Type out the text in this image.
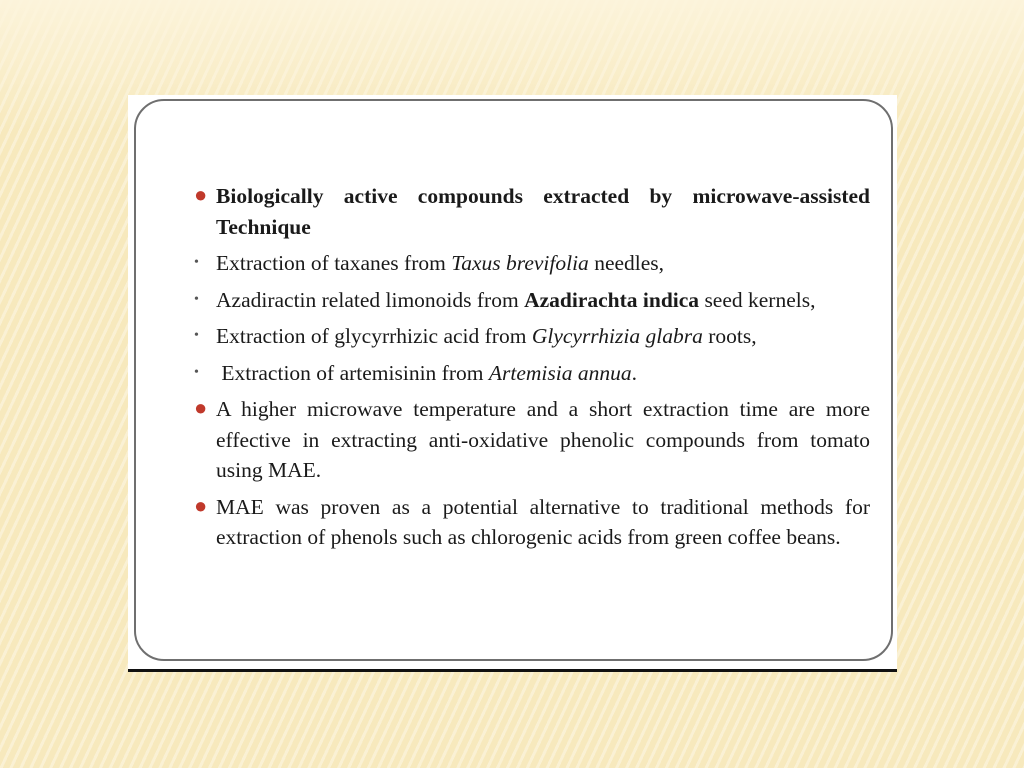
● Biologically active compounds extracted by microwave-assisted Technique
• Extraction of taxanes from Taxus brevifolia needles,
• Azadiractin related limonoids from Azadirachta indica seed kernels,
• Extraction of glycyrrhizic acid from Glycyrrhizia glabra roots,
• Extraction of artemisinin from Artemisia annua.
● A higher microwave temperature and a short extraction time are more effective in extracting anti-oxidative phenolic compounds from tomato using MAE.
● MAE was proven as a potential alternative to traditional methods for extraction of phenols such as chlorogenic acids from green coffee beans.
